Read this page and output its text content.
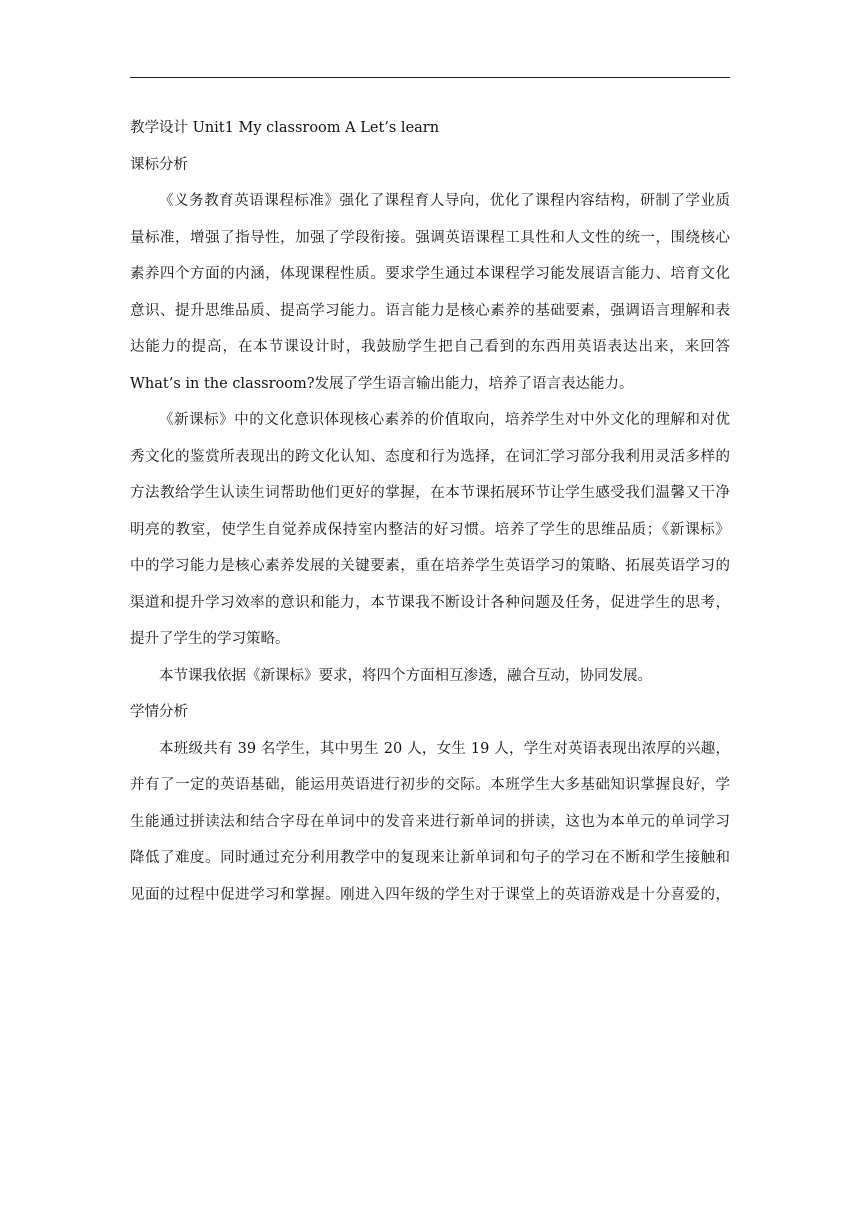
教学设计 Unit1 My classroom A Let’s learn
课标分析
《义务教育英语课程标准》强化了课程育人导向，优化了课程内容结构，研制了学业质
量标准，增强了指导性，加强了学段衔接。强调英语课程工具性和人文性的统一，围绕核心
素养四个方面的内涵，体现课程性质。要求学生通过本课程学习能发展语言能力、培育文化
意识、提升思维品质、提高学习能力。语言能力是核心素养的基础要素，强调语言理解和表
达能力的提高，在本节课设计时，我鼓励学生把自己看到的东西用英语表达出来，来回答
What’s in the classroom?发展了学生语言输出能力，培养了语言表达能力。
《新课标》中的文化意识体现核心素养的价值取向，培养学生对中外文化的理解和对优
秀文化的鉴赏所表现出的跨文化认知、态度和行为选择，在词汇学习部分我利用灵活多样的
方法教给学生认读生词帮助他们更好的掌握，在本节课拓展环节让学生感受我们温馨又干净
明亮的教室，使学生自觉养成保持室内整洁的好习惯。培养了学生的思维品质；《新课标》
中的学习能力是核心素养发展的关键要素，重在培养学生英语学习的策略、拓展英语学习的
渠道和提升学习效率的意识和能力，本节课我不断设计各种问题及任务，促进学生的思考，
提升了学生的学习策略。
本节课我依据《新课标》要求，将四个方面相互渗透，融合互动，协同发展。
学情分析
本班级共有 39 名学生，其中男生 20 人，女生 19 人，学生对英语表现出浓厚的兴趣，
并有了一定的英语基础，能运用英语进行初步的交际。本班学生大多基础知识掌握良好，学
生能通过拼读法和结合字母在单词中的发音来进行新单词的拼读，这也为本单元的单词学习
降低了难度。同时通过充分利用教学中的复现来让新单词和句子的学习在不断和学生接触和
见面的过程中促进学习和掌握。刚进入四年级的学生对于课堂上的英语游戏是十分喜爱的，
